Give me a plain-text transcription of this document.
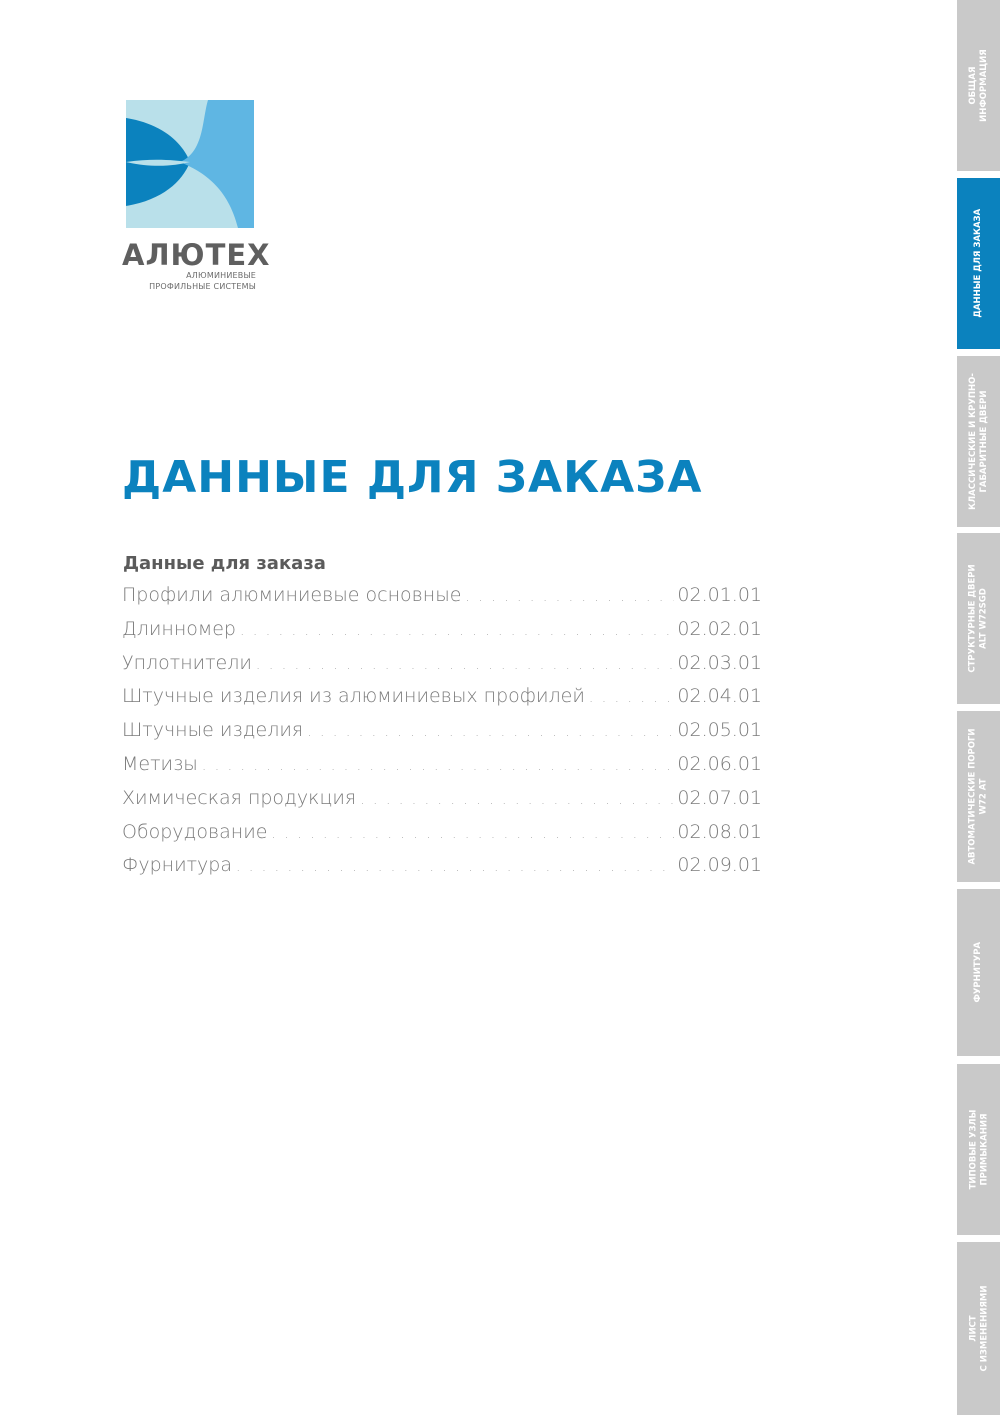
АЛЮТЕХ
АЛЮМИНИЕВЫЕ
ПРОФИЛЬНЫЕ СИСТЕМЫ
ДАННЫЕ ДЛЯ ЗАКАЗА
Данные для заказа
Профили алюминиевые основные . . .	02.01.01
Длинномер . . .	02.02.01
Уплотнители . . .	02.03.01
Штучные изделия из алюминиевых профилей . . .	02.04.01
Штучные изделия . . .	02.05.01
Метизы . . .	02.06.01
Химическая продукция . . .	02.07.01
Оборудование . . .	02.08.01
Фурнитура . . .	02.09.01
ОБЩАЯ ИНФОРМАЦИЯ
ДАННЫЕ ДЛЯ ЗАКАЗА
КЛАССИЧЕСКИЕ И КРУПНО- ГАБАРИТНЫЕ ДВЕРИ
СТРУКТУРНЫЕ ДВЕРИ ALT W72SGD
АВТОМАТИЧЕСКИЕ ПОРОГИ W72 AT
ФУРНИТУРА
ТИПОВЫЕ УЗЛЫ ПРИМЫКАНИЯ
ЛИСТ С ИЗМЕНЕНИЯМИ
